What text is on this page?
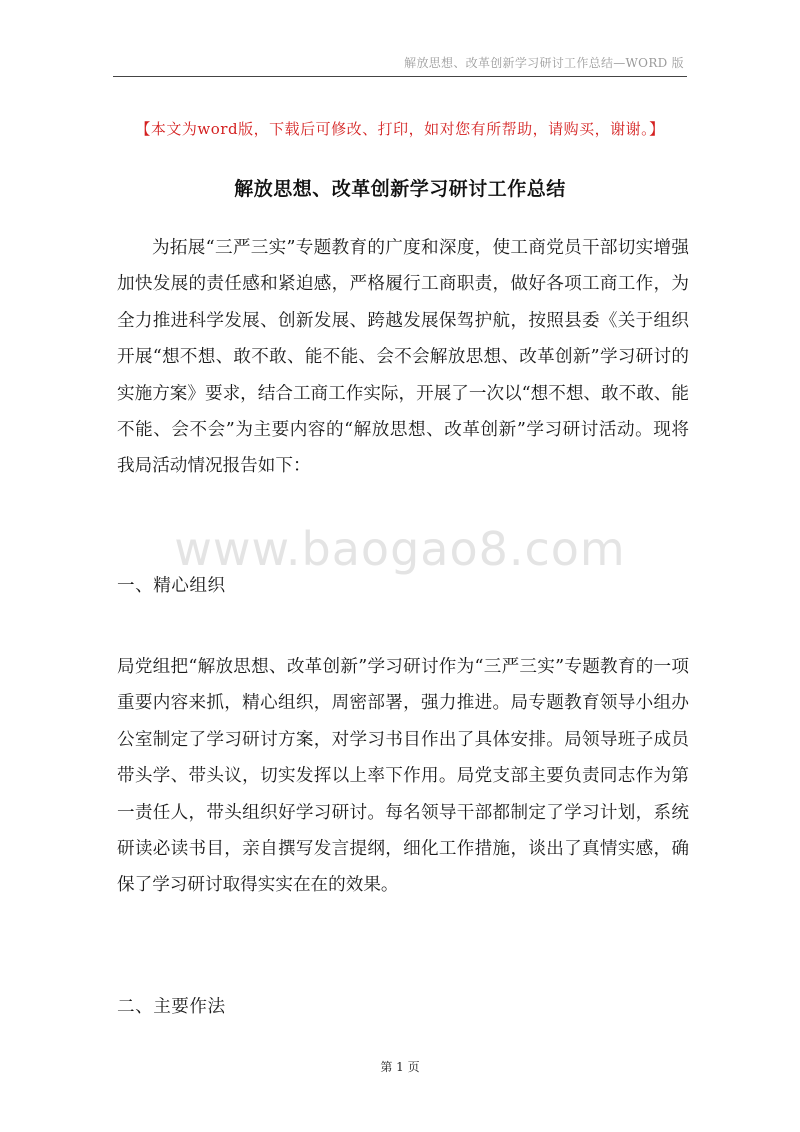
解放思想、改革创新学习研讨工作总结—WORD 版
【本文为word版，下载后可修改、打印，如对您有所帮助，请购买，谢谢。】
解放思想、改革创新学习研讨工作总结

为拓展“三严三实”专题教育的广度和深度，使工商党员干部切实增强加快发展的责任感和紧迫感，严格履行工商职责，做好各项工商工作，为全力推进科学发展、创新发展、跨越发展保驾护航，按照县委《关于组织开展“想不想、敢不敢、能不能、会不会解放思想、改革创新”学习研讨的实施方案》要求，结合工商工作实际，开展了一次以“想不想、敢不敢、能不能、会不会”为主要内容的“解放思想、改革创新”学习研讨活动。现将我局活动情况报告如下：

www.baogao8.com
一、精心组织

局党组把“解放思想、改革创新”学习研讨作为“三严三实”专题教育的一项重要内容来抓，精心组织，周密部署，强力推进。局专题教育领导小组办公室制定了学习研讨方案，对学习书目作出了具体安排。局领导班子成员带头学、带头议，切实发挥以上率下作用。局党支部主要负责同志作为第一责任人，带头组织好学习研讨。每名领导干部都制定了学习计划，系统研读必读书目，亲自撰写发言提纲，细化工作措施，谈出了真情实感，确保了学习研讨取得实实在在的效果。

二、主要作法
第 1 页
